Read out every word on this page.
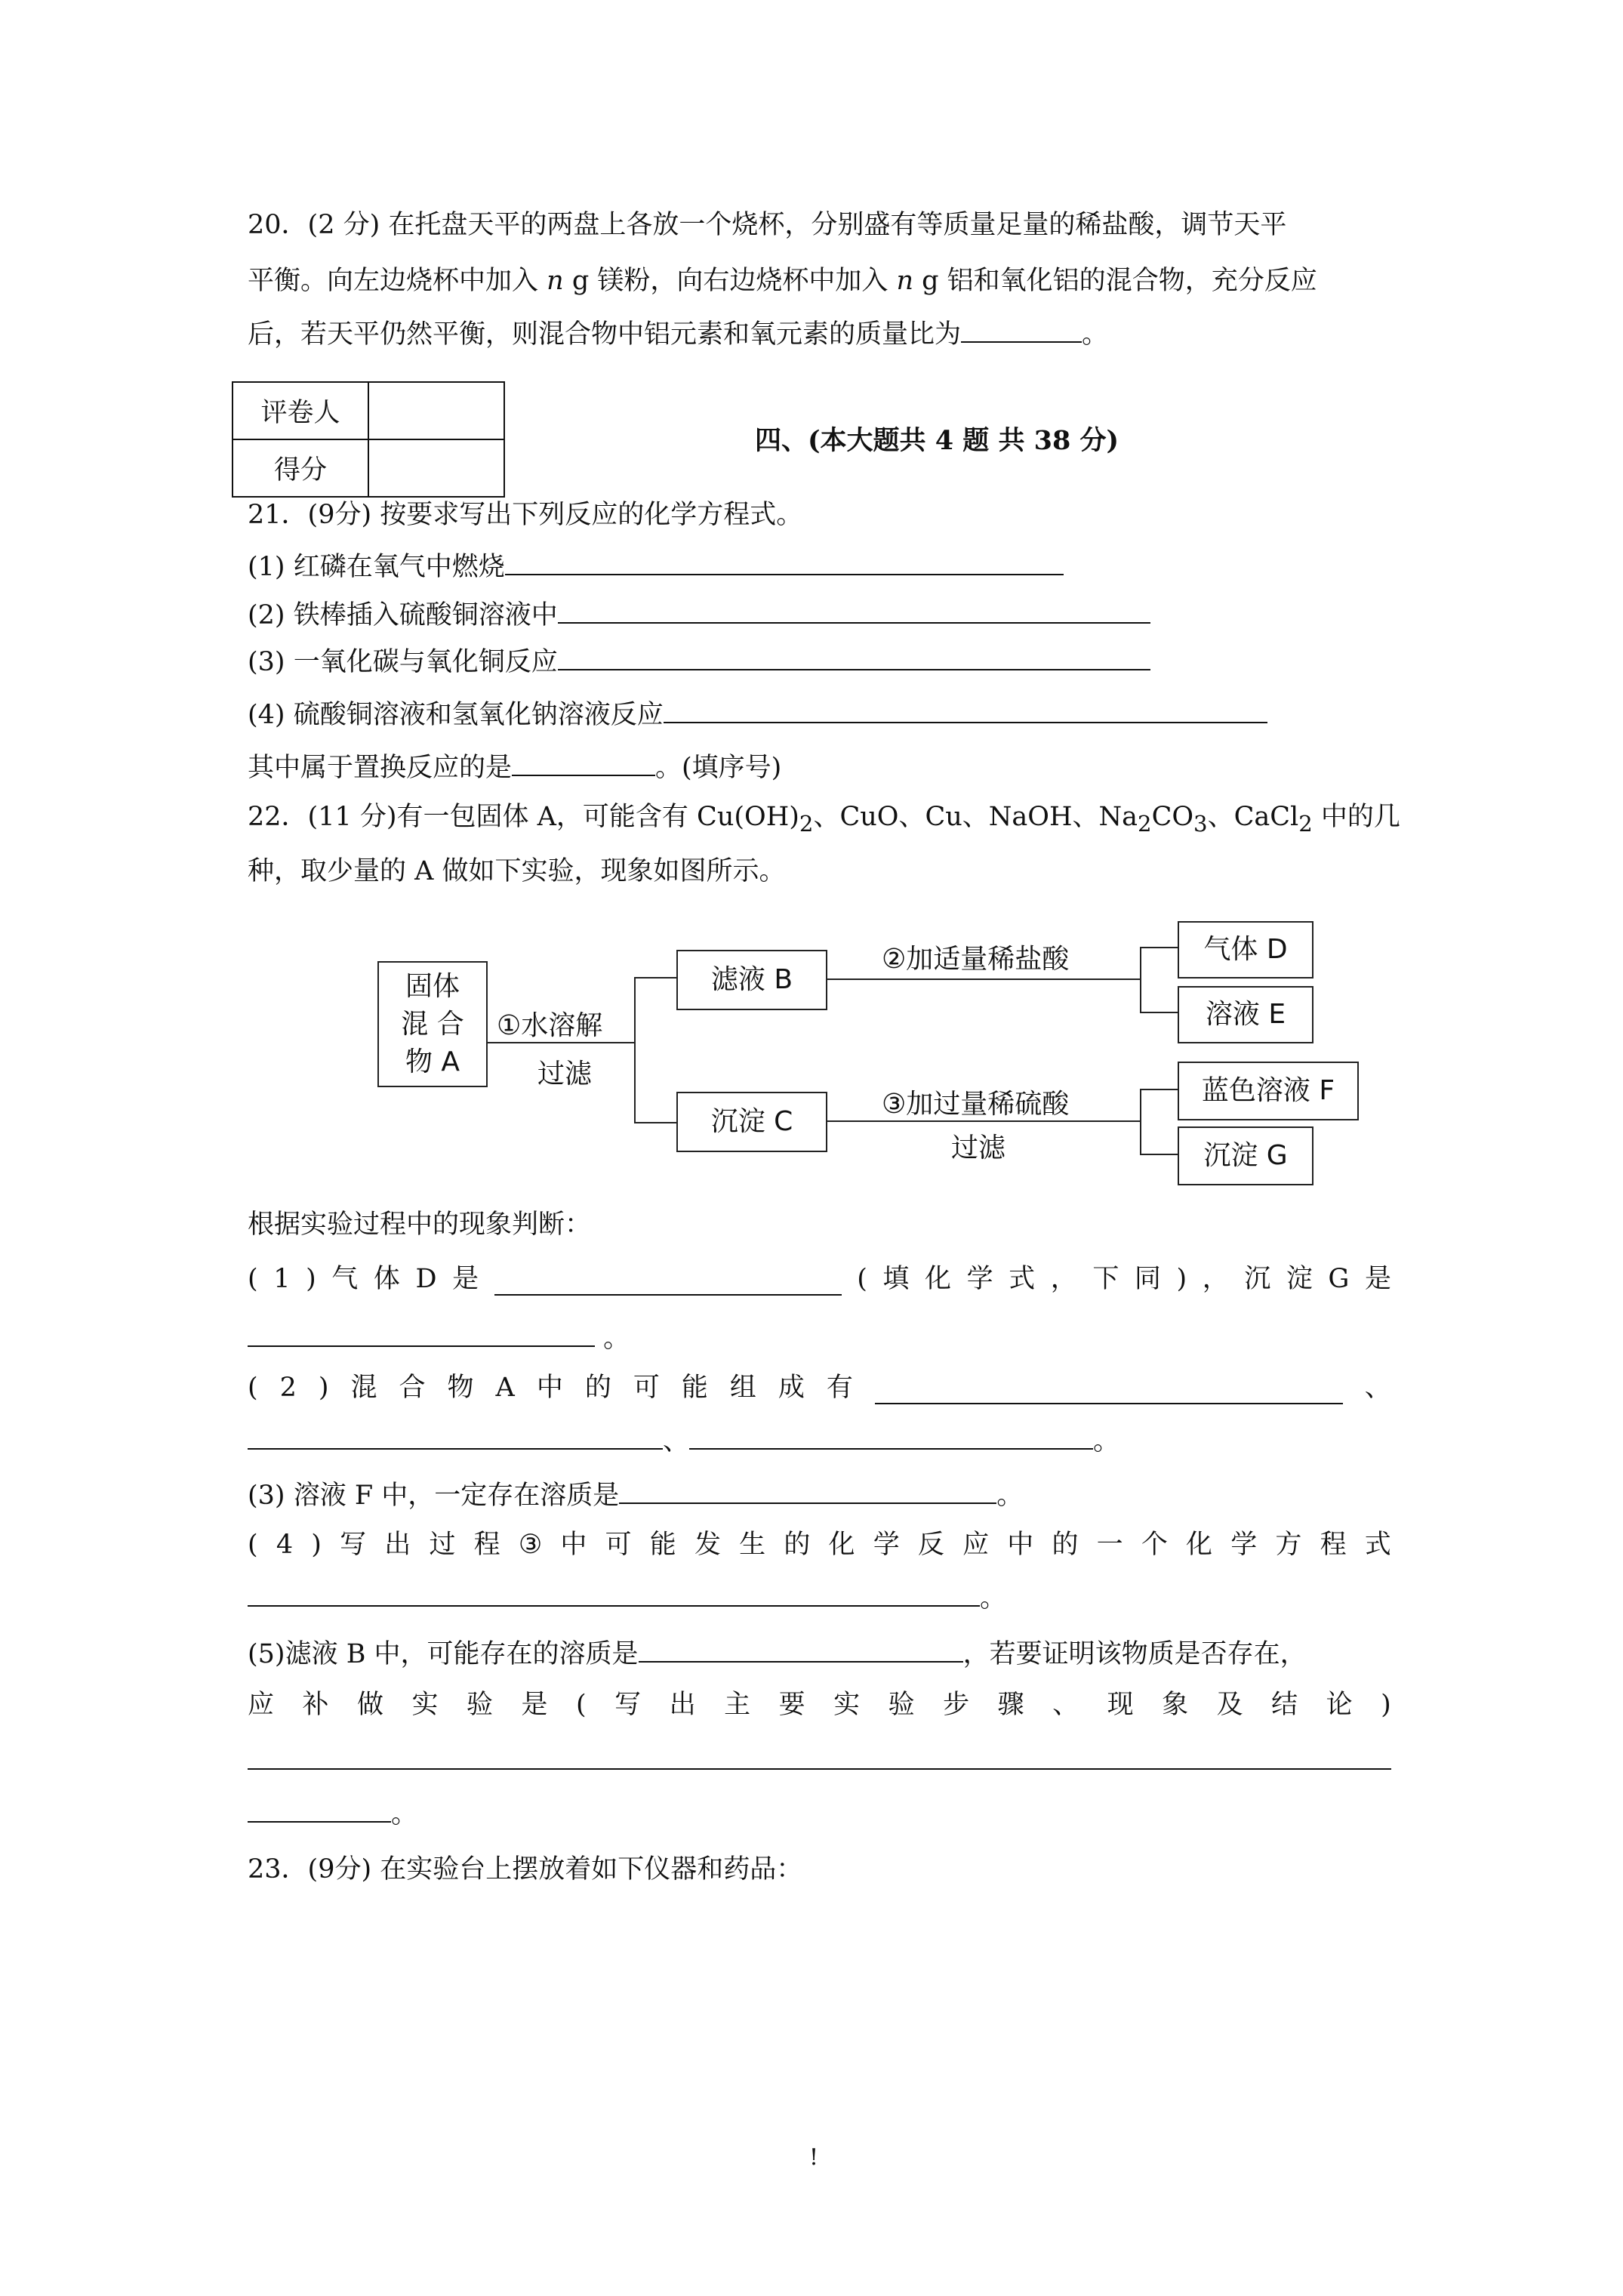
20．(2 分) 在托盘天平的两盘上各放一个烧杯，分别盛有等质量足量的稀盐酸，调节天平
平衡。向左边烧杯中加入 n g 镁粉，向右边烧杯中加入 n g 铝和氧化铝的混合物，充分反应
后，若天平仍然平衡，则混合物中铝元素和氧元素的质量比为	。
评卷人	
得分	
四、(本大题共 4 题 共 38 分)
21．(9分) 按要求写出下列反应的化学方程式。
(1) 红磷在氧气中燃烧
(2) 铁棒插入硫酸铜溶液中
(3) 一氧化碳与氧化铜反应
(4) 硫酸铜溶液和氢氧化钠溶液反应
其中属于置换反应的是	。(填序号)
22．(11 分)有一包固体 A，可能含有 $Cu(OH)_2$、CuO、Cu、NaOH、$Na_2CO_3$、CaCl$_2$ 中的几
种，取少量的 A 做如下实验，现象如图所示。
固体
混 合
物 A
①水溶解
过滤
滤液 B
沉淀 C
②加适量稀盐酸
③加过量稀硫酸
过滤
气体 D
溶液 E
蓝色溶液 F
沉淀 G
根据实验过程中的现象判断：
( 1 ) 气 体 D 是	( 填 化 学 式 ， 下 同 ) ， 沉 淀 G 是
。
( 2 ) 混 合 物 A 中 的 可 能 组 成 有	、
、	。
(3) 溶液 F 中，一定存在溶质是	。
( 4 ) 写 出 过 程 ③ 中 可 能 发 生 的 化 学 反 应 中 的 一 个 化 学 方 程 式
。
(5)滤液 B 中，可能存在的溶质是	，若要证明该物质是否存在，
应 补 做 实 验 是 ( 写 出 主 要 实 验 步 骤 、 现 象 及 结 论 )
。
23．(9分) 在实验台上摆放着如下仪器和药品：
!
